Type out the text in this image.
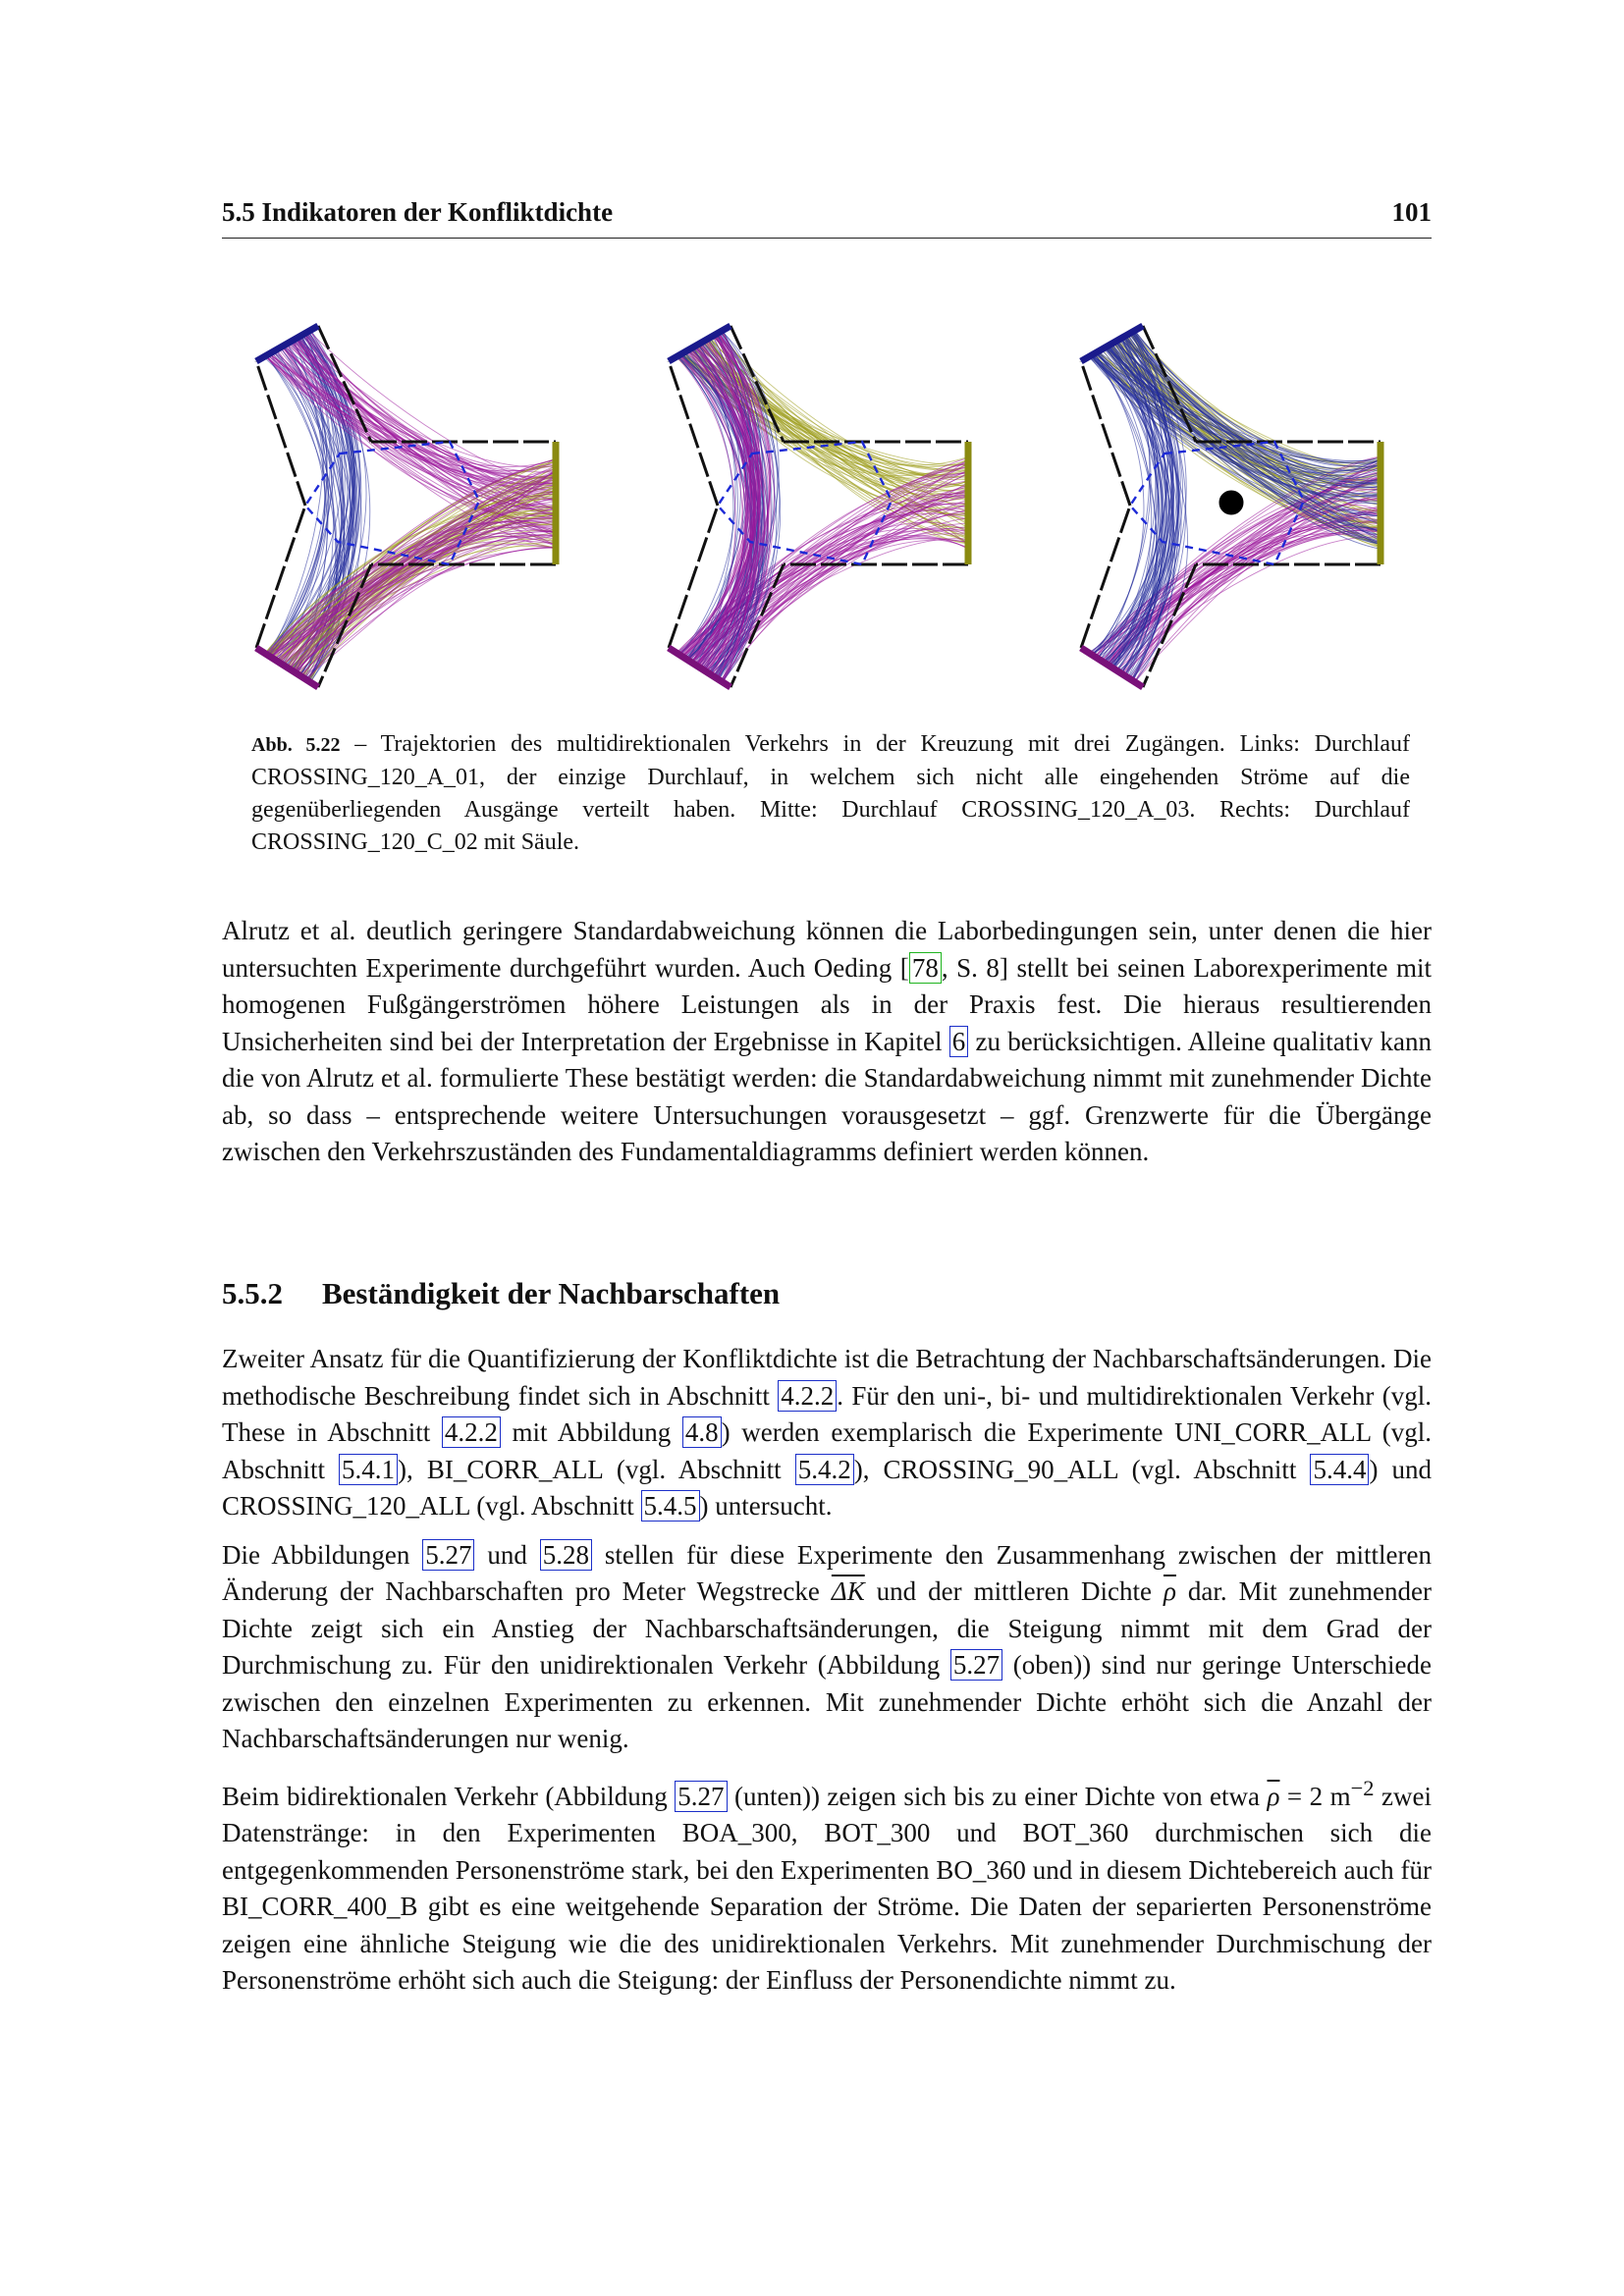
5.5 Indikatoren der Konfliktdichte	101
Abb. 5.22 – Trajektorien des multidirektionalen Verkehrs in der Kreuzung mit drei Zugängen. Links: Durchlauf CROSSING_120_A_01, der einzige Durchlauf, in welchem sich nicht alle eingehenden Ströme auf die gegenüberliegenden Ausgänge verteilt haben. Mitte: Durchlauf CROSSING_120_A_03. Rechts: Durchlauf CROSSING_120_C_02 mit Säule.

Alrutz et al. deutlich geringere Standardabweichung können die Laborbedingungen sein, unter denen die hier untersuchten Experimente durchgeführt wurden. Auch Oeding [ 78 , S. 8] stellt bei seinen Laborexperimente mit homogenen Fußgängerströmen höhere Leistungen als in der Praxis fest. Die hieraus resultierenden Unsicherheiten sind bei der Interpretation der Ergebnisse in Kapitel 6 zu berücksichtigen. Alleine qualitativ kann die von Alrutz et al. formulierte These bestätigt werden: die Standardabweichung nimmt mit zunehmender Dichte ab, so dass – entsprechende weitere Untersuchungen vorausgesetzt – ggf. Grenzwerte für die Übergänge zwischen den Verkehrszuständen des Fundamentaldiagramms definiert werden können.

5.5.2 Beständigkeit der Nachbarschaften

Zweiter Ansatz für die Quantifizierung der Konfliktdichte ist die Betrachtung der Nachbarschaftsänderungen. Die methodische Beschreibung findet sich in Abschnitt 4.2.2 . Für den uni-, bi- und multidirektionalen Verkehr (vgl. These in Abschnitt 4.2.2 mit Abbildung 4.8 ) werden exemplarisch die Experimente UNI_CORR_ALL (vgl. Abschnitt 5.4.1 ), BI_CORR_ALL (vgl. Abschnitt 5.4.2 ), CROSSING_90_ALL (vgl. Abschnitt 5.4.4 ) und CROSSING_120_ALL (vgl. Abschnitt 5.4.5 ) untersucht.

Die Abbildungen 5.27 und 5.28 stellen für diese Experimente den Zusammenhang zwischen der mittleren Änderung der Nachbarschaften pro Meter Wegstrecke $\overline{\Delta K}$ und der mittleren Dichte $\overline{\rho}$ dar. Mit zunehmender Dichte zeigt sich ein Anstieg der Nachbarschaftsänderungen, die Steigung nimmt mit dem Grad der Durchmischung zu. Für den unidirektionalen Verkehr (Abbildung 5.27 (oben)) sind nur geringe Unterschiede zwischen den einzelnen Experimenten zu erkennen. Mit zunehmender Dichte erhöht sich die Anzahl der Nachbarschaftsänderungen nur wenig.

Beim bidirektionalen Verkehr (Abbildung 5.27 (unten)) zeigen sich bis zu einer Dichte von etwa $\overline{\rho} = 2$ $m^{-2}$ zwei Datenstränge: in den Experimenten BOA_300, BOT_300 und BOT_360 durchmischen sich die entgegenkommenden Personenströme stark, bei den Experimenten BO_360 und in diesem Dichtebereich auch für BI_CORR_400_B gibt es eine weitgehende Separation der Ströme. Die Daten der separierten Personenströme zeigen eine ähnliche Steigung wie die des unidirektionalen Verkehrs. Mit zunehmender Durchmischung der Personenströme erhöht sich auch die Steigung: der Einfluss der Personendichte nimmt zu.
